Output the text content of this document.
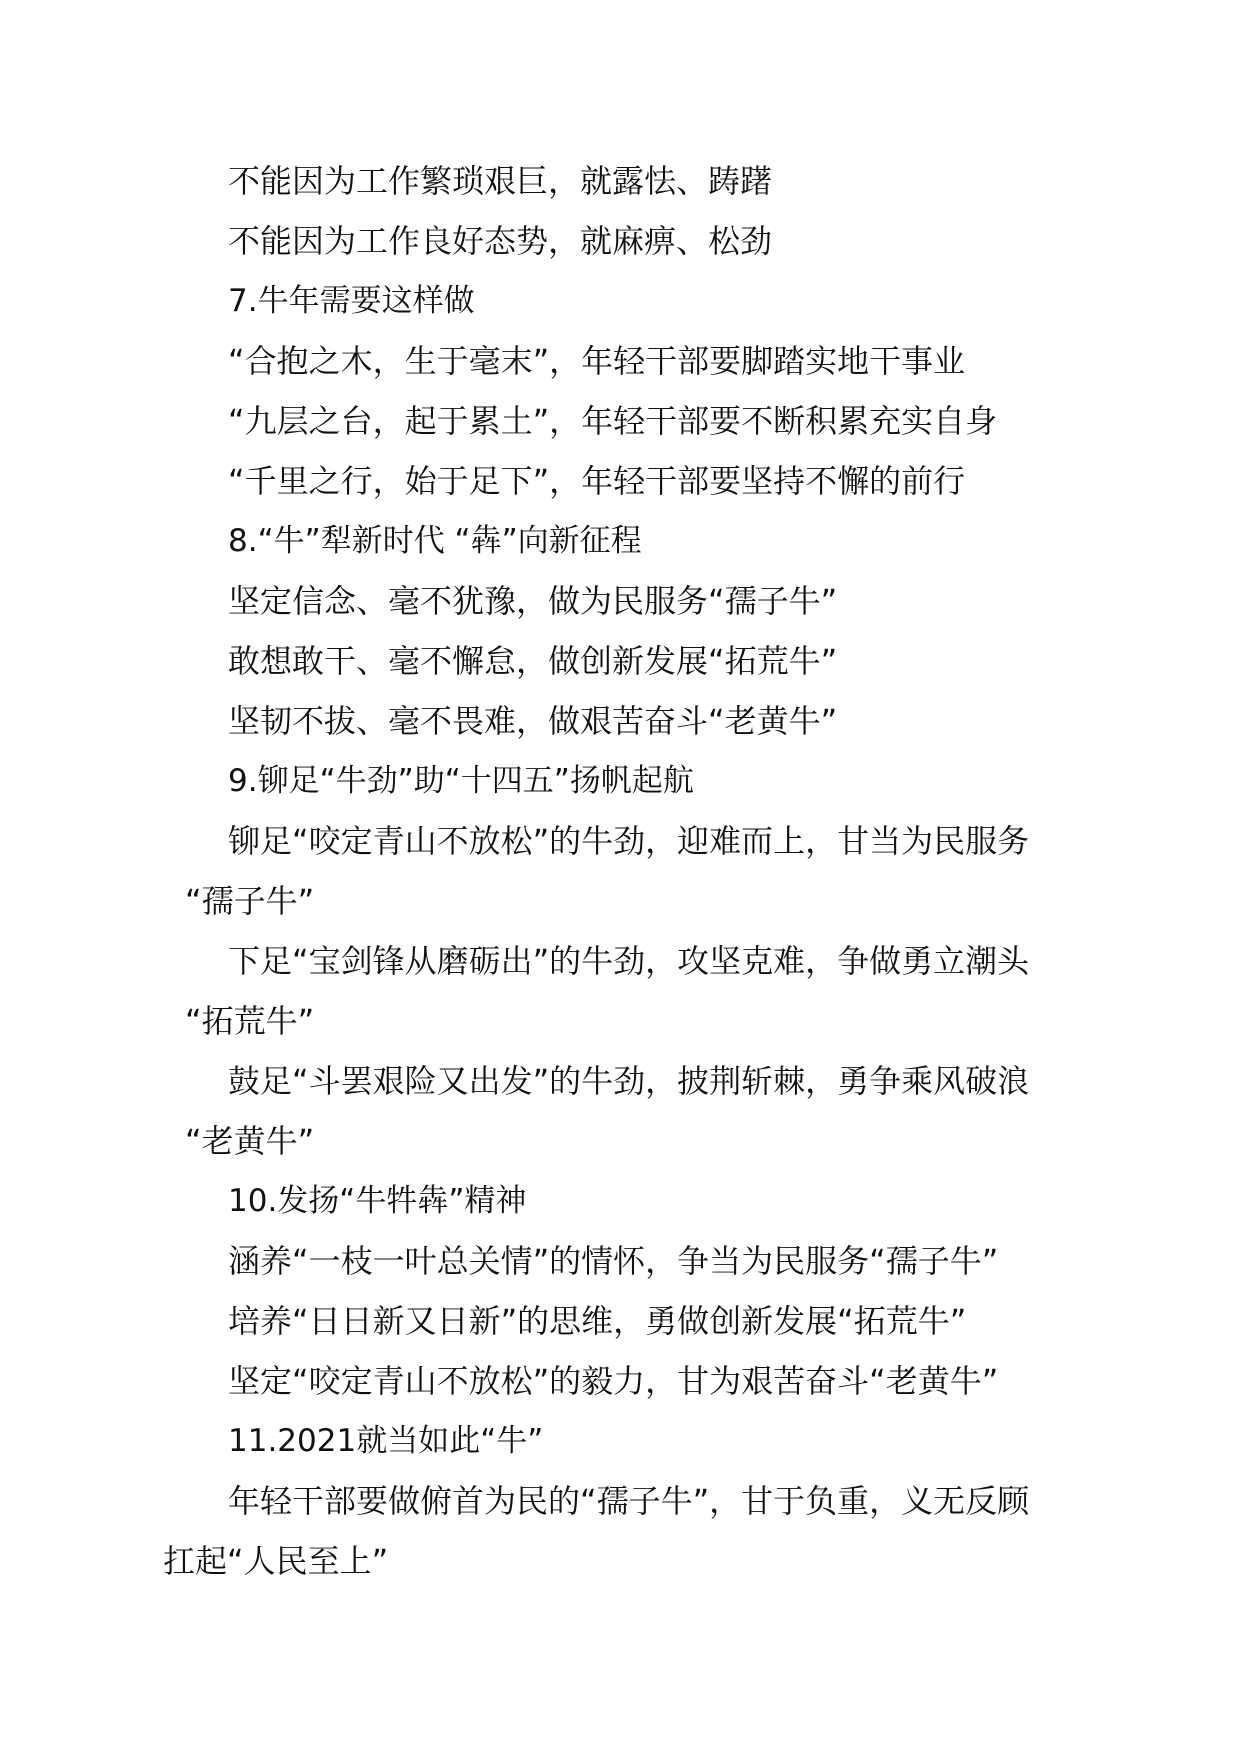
不能因为工作繁琐艰巨，就露怯、踌躇
不能因为工作良好态势，就麻痹、松劲
7.牛年需要这样做
“合抱之木，生于毫末”，年轻干部要脚踏实地干事业
“九层之台，起于累土”，年轻干部要不断积累充实自身
“千里之行，始于足下”，年轻干部要坚持不懈的前行
8.“牛”犁新时代 “犇”向新征程
坚定信念、毫不犹豫，做为民服务“孺子牛”
敢想敢干、毫不懈怠，做创新发展“拓荒牛”
坚韧不拔、毫不畏难，做艰苦奋斗“老黄牛”
9.铆足“牛劲”助“十四五”扬帆起航
铆足“咬定青山不放松”的牛劲，迎难而上，甘当为民服务
“孺子牛”
下足“宝剑锋从磨砺出”的牛劲，攻坚克难，争做勇立潮头
“拓荒牛”
鼓足“斗罢艰险又出发”的牛劲，披荆斩棘，勇争乘风破浪
“老黄牛”
10.发扬“牛牪犇”精神
涵养“一枝一叶总关情”的情怀，争当为民服务“孺子牛”
培养“日日新又日新”的思维，勇做创新发展“拓荒牛”
坚定“咬定青山不放松”的毅力，甘为艰苦奋斗“老黄牛”
11.2021就当如此“牛”
年轻干部要做俯首为民的“孺子牛”，甘于负重，义无反顾
扛起“人民至上”
